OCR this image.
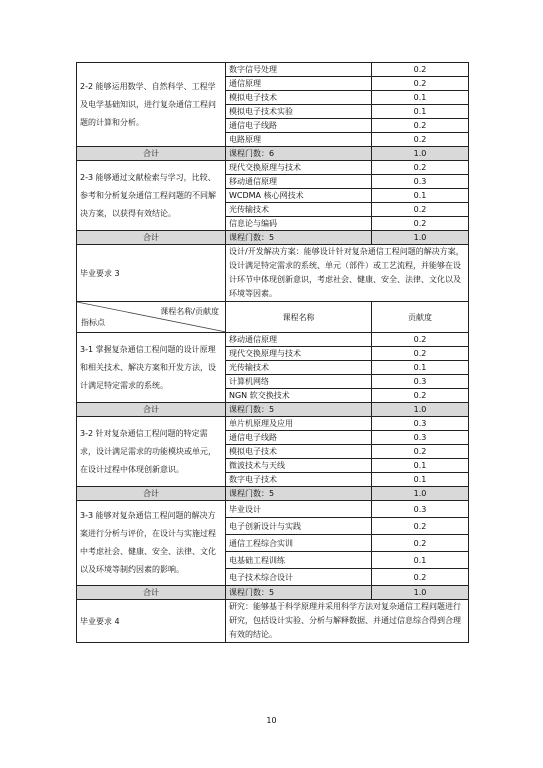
2-2 能够运用数学、自然科学、工程学及电学基础知识，进行复杂通信工程问题的计算和分析。	数字信号处理	0.2
	通信原理	0.2
	模拟电子技术	0.1
	模拟电子技术实验	0.1
	通信电子线路	0.2
	电路原理	0.2
合计	课程门数：6	1.0
2-3 能够通过文献检索与学习，比较、参考和分析复杂通信工程问题的不同解决方案，以获得有效结论。	现代交换原理与技术	0.2
	移动通信原理	0.3
	WCDMA 核心网技术	0.1
	光传输技术	0.2
	信息论与编码	0.2
合计	课程门数：5	1.0
毕业要求 3	设计/开发解决方案：能够设计针对复杂通信工程问题的解决方案，设计满足特定需求的系统、单元（部件）或工艺流程，并能够在设计环节中体现创新意识，考虑社会、健康、安全、法律、文化以及环境等因素。	

课程名称/贡献度
指标点	课程名称	贡献度
3-1 掌握复杂通信工程问题的设计原理和相关技术、解决方案和开发方法，设计满足特定需求的系统。	移动通信原理	0.2
	现代交换原理与技术	0.2
	光传输技术	0.1
	计算机网络	0.3
	NGN 软交换技术	0.2
合计	课程门数：5	1.0
3-2 针对复杂通信工程问题的特定需求，设计满足需求的功能模块或单元，在设计过程中体现创新意识。	单片机原理及应用	0.3
	通信电子线路	0.3
	模拟电子技术	0.2
	微波技术与天线	0.1
	数字电子技术	0.1
合计	课程门数：5	1.0
3-3 能够对复杂通信工程问题的解决方案进行分析与评价，在设计与实施过程中考虑社会、健康、安全、法律、文化以及环境等制约因素的影响。	毕业设计	0.3
	电子创新设计与实践	0.2
	通信工程综合实训	0.2
	电基础工程训练	0.1
	电子技术综合设计	0.2
合计	课程门数：5	1.0
毕业要求 4	研究：能够基于科学原理并采用科学方法对复杂通信工程问题进行研究，包括设计实验、分析与解释数据、并通过信息综合得到合理有效的结论。	
10
